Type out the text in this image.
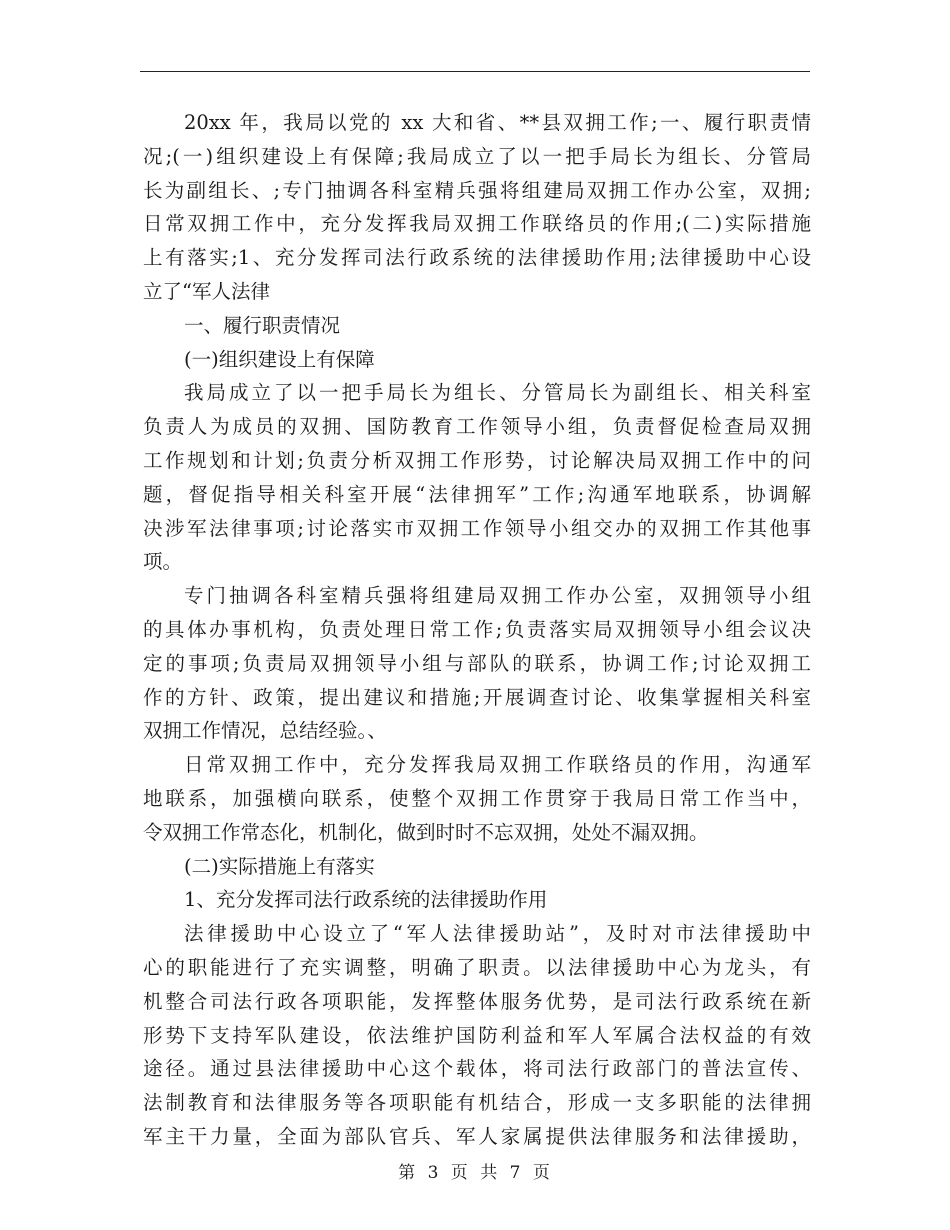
20xx 年，我局以党的 xx 大和省、**县双拥工作;一、履行职责情
况;(一)组织建设上有保障;我局成立了以一把手局长为组长、分管局
长为副组长、;专门抽调各科室精兵强将组建局双拥工作办公室，双拥;
日常双拥工作中，充分发挥我局双拥工作联络员的作用;(二)实际措施
上有落实;1、充分发挥司法行政系统的法律援助作用;法律援助中心设
立了“军人法律
一、履行职责情况
(一)组织建设上有保障
我局成立了以一把手局长为组长、分管局长为副组长、相关科室
负责人为成员的双拥、国防教育工作领导小组，负责督促检查局双拥
工作规划和计划;负责分析双拥工作形势，讨论解决局双拥工作中的问
题，督促指导相关科室开展“法律拥军”工作;沟通军地联系，协调解
决涉军法律事项;讨论落实市双拥工作领导小组交办的双拥工作其他事
项。
专门抽调各科室精兵强将组建局双拥工作办公室，双拥领导小组
的具体办事机构，负责处理日常工作;负责落实局双拥领导小组会议决
定的事项;负责局双拥领导小组与部队的联系，协调工作;讨论双拥工
作的方针、政策，提出建议和措施;开展调查讨论、收集掌握相关科室
双拥工作情况，总结经验。、
日常双拥工作中，充分发挥我局双拥工作联络员的作用，沟通军
地联系，加强横向联系，使整个双拥工作贯穿于我局日常工作当中，
令双拥工作常态化，机制化，做到时时不忘双拥，处处不漏双拥。
(二)实际措施上有落实
1、充分发挥司法行政系统的法律援助作用
法律援助中心设立了“军人法律援助站”，及时对市法律援助中
心的职能进行了充实调整，明确了职责。以法律援助中心为龙头，有
机整合司法行政各项职能，发挥整体服务优势，是司法行政系统在新
形势下支持军队建设，依法维护国防利益和军人军属合法权益的有效
途径。通过县法律援助中心这个载体，将司法行政部门的普法宣传、
法制教育和法律服务等各项职能有机结合，形成一支多职能的法律拥
军主干力量，全面为部队官兵、军人家属提供法律服务和法律援助，
第 3 页 共 7 页
